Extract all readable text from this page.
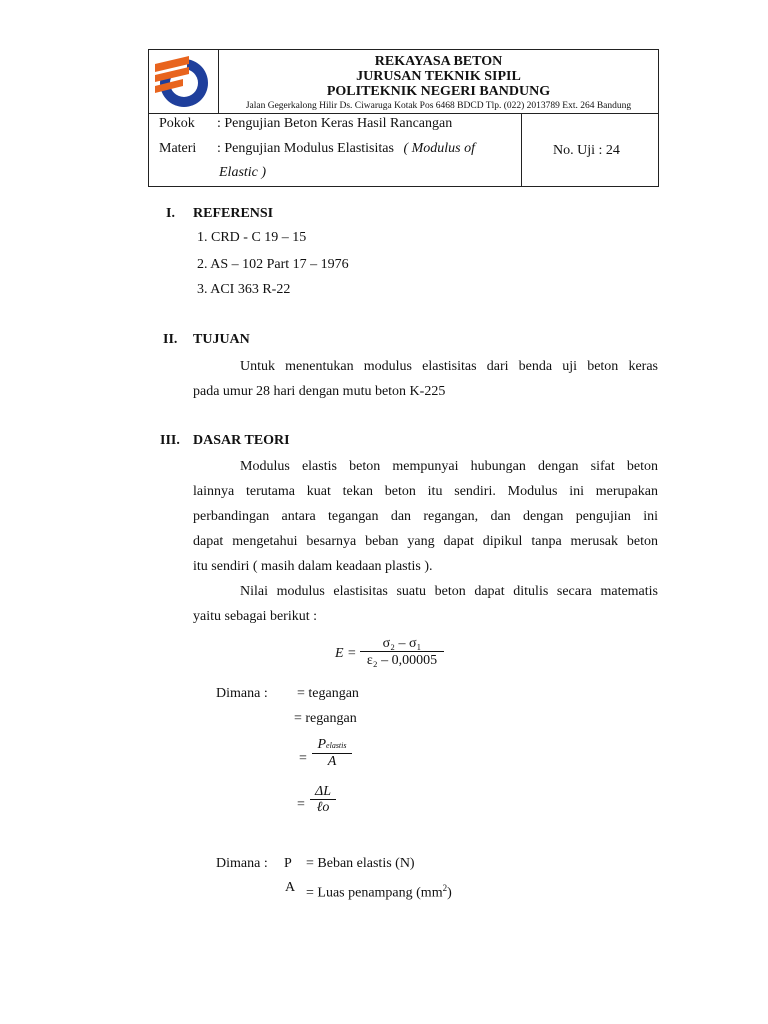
REKAYASA BETON
JURUSAN TEKNIK SIPIL
POLITEKNIK NEGERI BANDUNG
Jalan Gegerkalong Hilir Ds. Ciwaruga Kotak Pos 6468 BDCD Tlp. (022) 2013789 Ext. 264 Bandung
Pokok
Materi
: Pengujian Beton Keras Hasil Rancangan
: Pengujian Modulus Elastisitas ( Modulus of
Elastic )
No. Uji : 24
I. REFERENSI
1. CRD - C 19 – 15
2. AS – 102 Part 17 – 1976
3. ACI 363 R-22
II. TUJUAN
Untuk menentukan modulus elastisitas dari benda uji beton keras
pada umur 28 hari dengan mutu beton K-225
III. DASAR TEORI
Modulus elastis beton mempunyai hubungan dengan sifat beton
lainnya terutama kuat tekan beton itu sendiri. Modulus ini merupakan
perbandingan antara tegangan dan regangan, dan dengan pengujian ini
dapat mengetahui besarnya beban yang dapat dipikul tanpa merusak beton
itu sendiri ( masih dalam keadaan plastis ).
Nilai modulus elastisitas suatu beton dapat ditulis secara matematis
yaitu sebagai berikut :
$E = \frac{\text{σ₂ – σ₁}}{\text{ε₂ – 0,00005}}$
Dimana : = tegangan
= regangan
=
Pelastis
A
=
ΔL
ℓo
Dimana : P = Beban elastis (N)
A = Luas penampang $(mm^2)$
